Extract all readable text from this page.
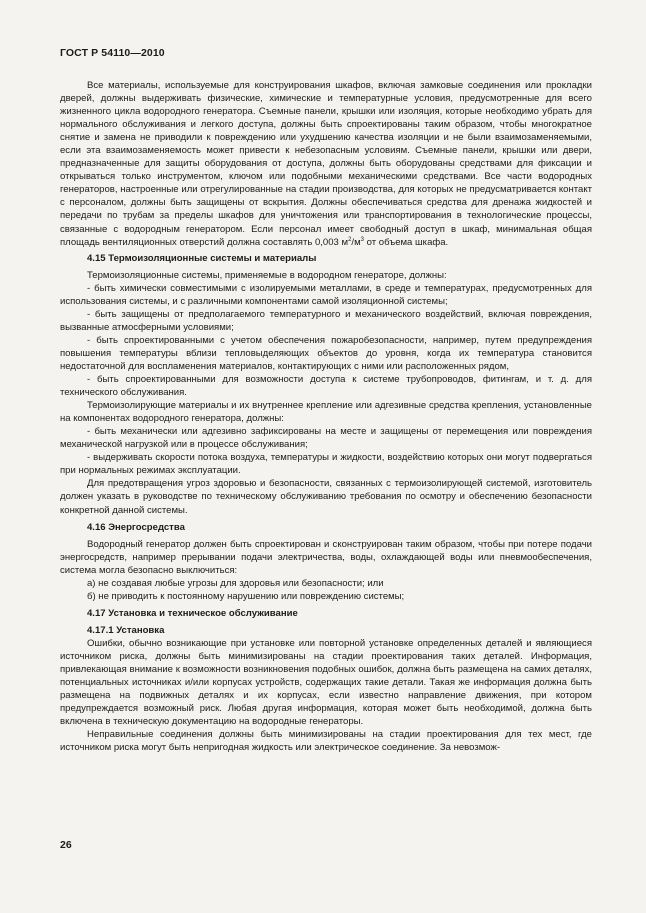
ГОСТ Р 54110—2010

Все материалы, используемые для конструирования шкафов, включая замковые соединения или прокладки дверей, должны выдерживать физические, химические и температурные условия, предусмотренные для всего жизненного цикла водородного генератора. Съемные панели, крышки или изоляция, которые необходимо убрать для нормального обслуживания и легкого доступа, должны быть спроектированы таким образом, чтобы многократное снятие и замена не приводили к повреждению или ухудшению качества изоляции и не были взаимозаменяемыми, если эта взаимозаменяемость может привести к небезопасным условиям. Съемные панели, крышки или двери, предназначенные для защиты оборудования от доступа, должны быть оборудованы средствами для фиксации и открываться только инструментом, ключом или подобными механическими средствами. Все части водородных генераторов, настроенные или отрегулированные на стадии производства, для которых не предусматривается контакт с персоналом, должны быть защищены от вскрытия. Должны обеспечиваться средства для дренажа жидкостей и передачи по трубам за пределы шкафов для уничтожения или транспортирования в технологические процессы, связанные с водородным генератором. Если персонал имеет свободный доступ в шкаф, минимальная общая площадь вентиляционных отверстий должна составлять 0,003 $м^2/м^3$ от объема шкафа.

4.15 Термоизоляционные системы и материалы

Термоизоляционные системы, применяемые в водородном генераторе, должны:

- быть химически совместимыми с изолируемыми металлами, в среде и температурах, предусмотренных для использования системы, и с различными компонентами самой изоляционной системы;

- быть защищены от предполагаемого температурного и механического воздействий, включая повреждения, вызванные атмосферными условиями;

- быть спроектированными с учетом обеспечения пожаробезопасности, например, путем предупреждения повышения температуры вблизи тепловыделяющих объектов до уровня, когда их температура становится недостаточной для воспламенения материалов, контактирующих с ними или расположенных рядом,

- быть спроектированными для возможности доступа к системе трубопроводов, фитингам, и т. д. для технического обслуживания.

Термоизолирующие материалы и их внутреннее крепление или адгезивные средства крепления, установленные на компонентах водородного генератора, должны:

- быть механически или адгезивно зафиксированы на месте и защищены от перемещения или повреждения механической нагрузкой или в процессе обслуживания;

- выдерживать скорости потока воздуха, температуры и жидкости, воздействию которых они могут подвергаться при нормальных режимах эксплуатации.

Для предотвращения угроз здоровью и безопасности, связанных с термоизолирующей системой, изготовитель должен указать в руководстве по техническому обслуживанию требования по осмотру и обеспечению безопасности конкретной данной системы.

4.16 Энергосредства

Водородный генератор должен быть спроектирован и сконструирован таким образом, чтобы при потере подачи энергосредств, например прерывании подачи электричества, воды, охлаждающей воды или пневмообеспечения, система могла безопасно выключиться:

а) не создавая любые угрозы для здоровья или безопасности; или

б) не приводить к постоянному нарушению или повреждению системы;

4.17 Установка и техническое обслуживание

4.17.1 Установка

Ошибки, обычно возникающие при установке или повторной установке определенных деталей и являющиеся источником риска, должны быть минимизированы на стадии проектирования таких деталей. Информация, привлекающая внимание к возможности возникновения подобных ошибок, должна быть размещена на самих деталях, потенциальных источниках и/или корпусах устройств, содержащих такие детали. Такая же информация должна быть размещена на подвижных деталях и их корпусах, если известно направление движения, при котором предупреждается возможный риск. Любая другая информация, которая может быть необходимой, должна быть включена в техническую документацию на водородные генераторы.

Неправильные соединения должны быть минимизированы на стадии проектирования для тех мест, где источником риска могут быть непригодная жидкость или электрическое соединение. За невозмож-

26
